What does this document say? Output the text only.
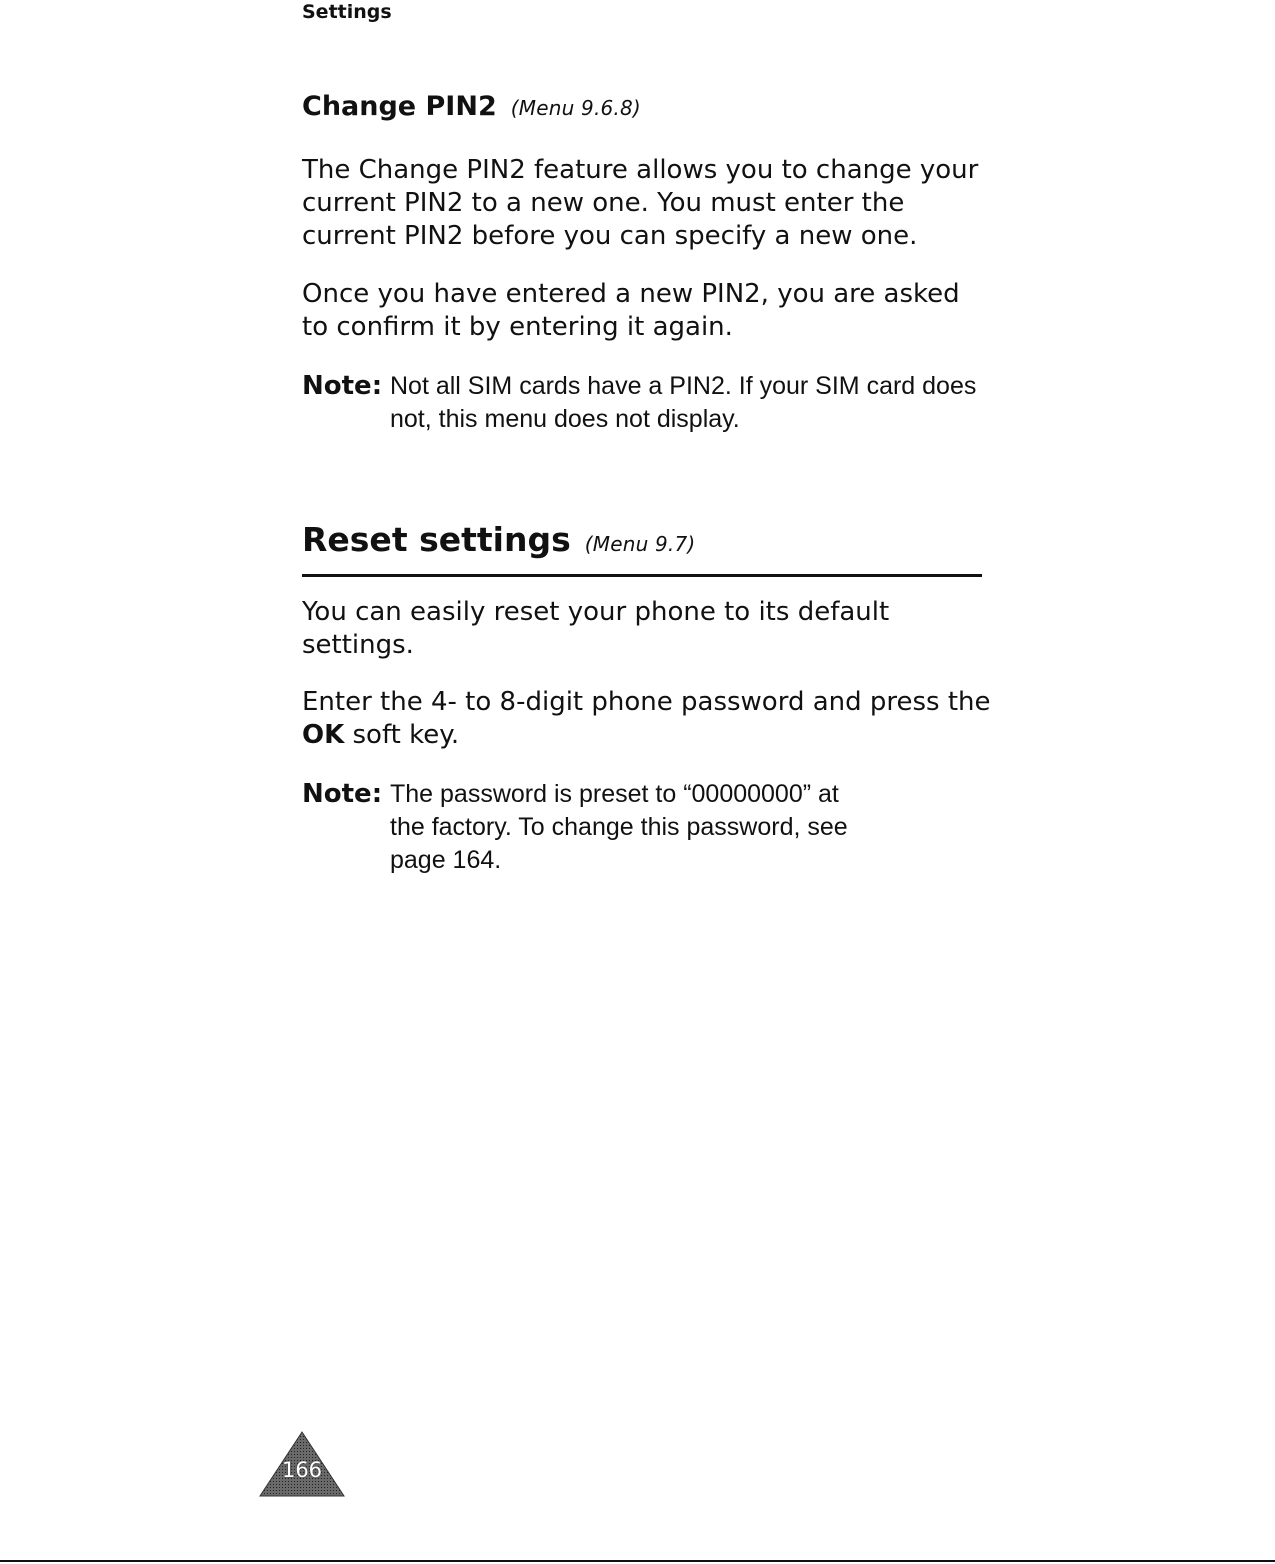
Settings
Change PIN2 (Menu 9.6.8)

The Change PIN2 feature allows you to change your current PIN2 to a new one. You must enter the current PIN2 before you can specify a new one.

Once you have entered a new PIN2, you are asked to confirm it by entering it again.

Note: Not all SIM cards have a PIN2. If your SIM card does not, this menu does not display.
Reset settings (Menu 9.7)

You can easily reset your phone to its default settings.

Enter the 4- to 8-digit phone password and press the OK soft key.

Note: The password is preset to “00000000” at the factory. To change this password, see page 164.
166
